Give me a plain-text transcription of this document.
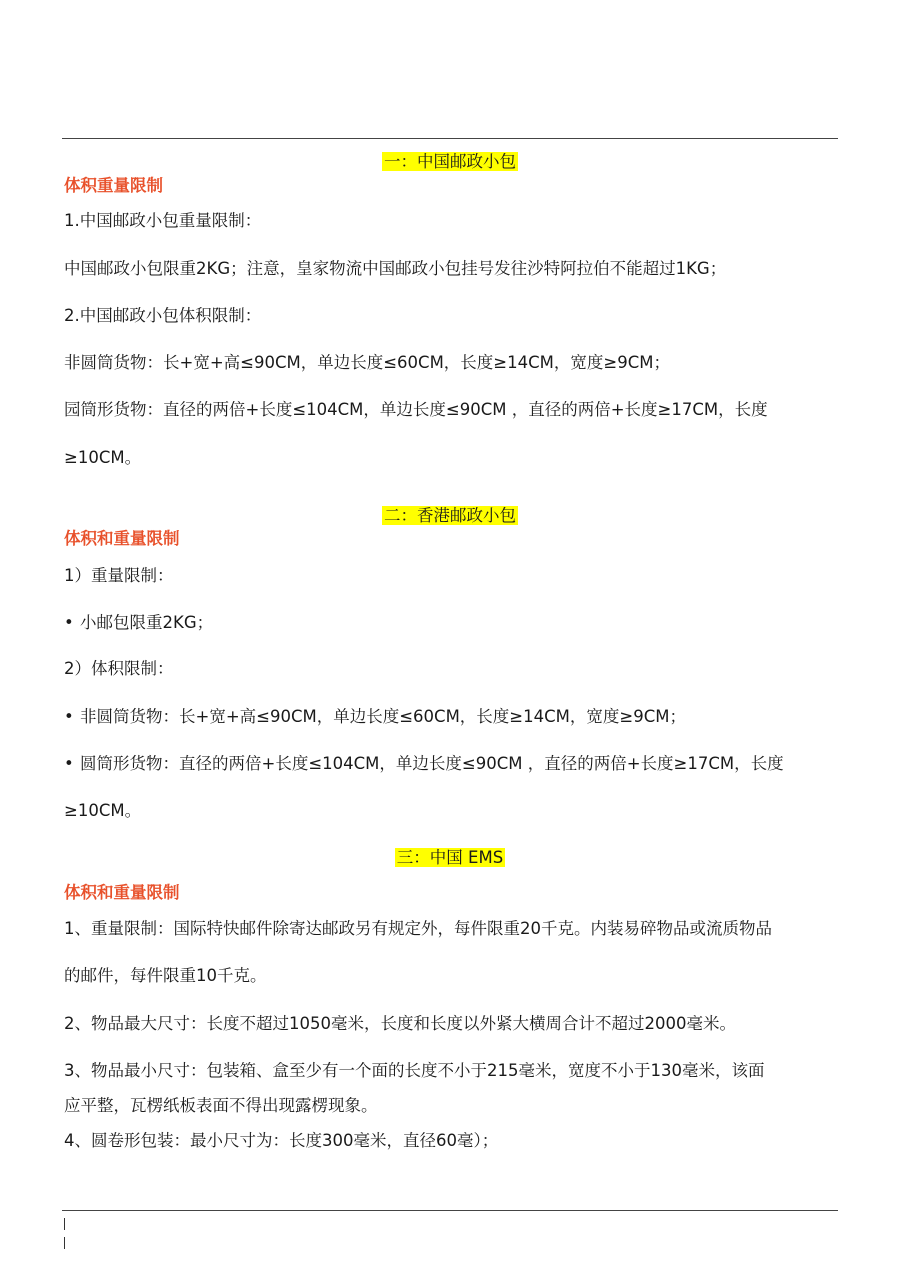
一：中国邮政小包
体积重量限制
1.中国邮政小包重量限制：
中国邮政小包限重2KG；注意，皇家物流中国邮政小包挂号发往沙特阿拉伯不能超过1KG；
2.中国邮政小包体积限制：
非圆筒货物：长+宽+高≤90CM，单边长度≤60CM，长度≥14CM，宽度≥9CM；
园筒形货物：直径的两倍+长度≤104CM，单边长度≤90CM ，直径的两倍+长度≥17CM，长度
≥10CM。
二：香港邮政小包
体积和重量限制
1）重量限制：
• 小邮包限重2KG；
2）体积限制：
• 非圆筒货物：长+宽+高≤90CM，单边长度≤60CM，长度≥14CM，宽度≥9CM；
• 圆筒形货物：直径的两倍+长度≤104CM，单边长度≤90CM ，直径的两倍+长度≥17CM，长度
≥10CM。
三：中国 EMS
体积和重量限制
1、重量限制：国际特快邮件除寄达邮政另有规定外，每件限重20千克。内装易碎物品或流质物品
的邮件，每件限重10千克。
2、物品最大尺寸：长度不超过1050毫米，长度和长度以外紧大横周合计不超过2000毫米。
3、物品最小尺寸：包装箱、盒至少有一个面的长度不小于215毫米，宽度不小于130毫米，该面
应平整，瓦楞纸板表面不得出现露楞现象。
4、圆卷形包装：最小尺寸为：长度300毫米，直径60毫）；
